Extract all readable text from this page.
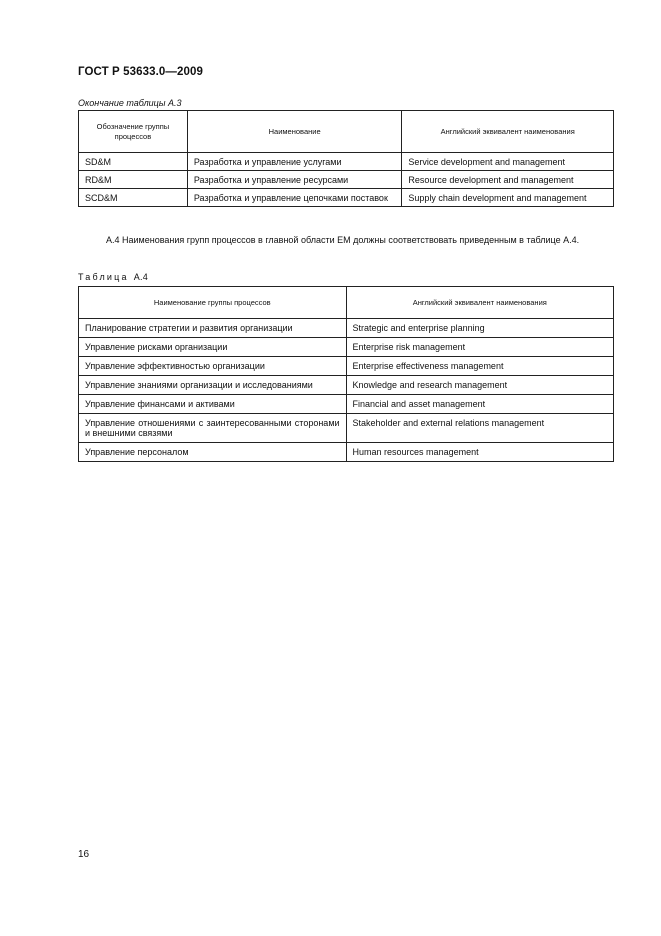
ГОСТ Р 53633.0—2009
Окончание таблицы А.3
Обозначение группы процессов	Наименование	Английский эквивалент наименования
SD&M	Разработка и управление услугами	Service development and management
RD&M	Разработка и управление ресурсами	Resource development and management
SCD&M	Разработка и управление цепочками поставок	Supply chain development and management
А.4 Наименования групп процессов в главной области ЕМ должны соответствовать приведенным в таблице А.4.
Таблица А.4
Наименование группы процессов	Английский эквивалент наименования
Планирование стратегии и развития организации	Strategic and enterprise planning
Управление рисками организации	Enterprise risk management
Управление эффективностью организации	Enterprise effectiveness management
Управление знаниями организации и исследованиями	Knowledge and research management
Управление финансами и активами	Financial and asset management
Управление отношениями с заинтересованными сторонами и внешними связями	Stakeholder and external relations management
Управление персоналом	Human resources management
16
